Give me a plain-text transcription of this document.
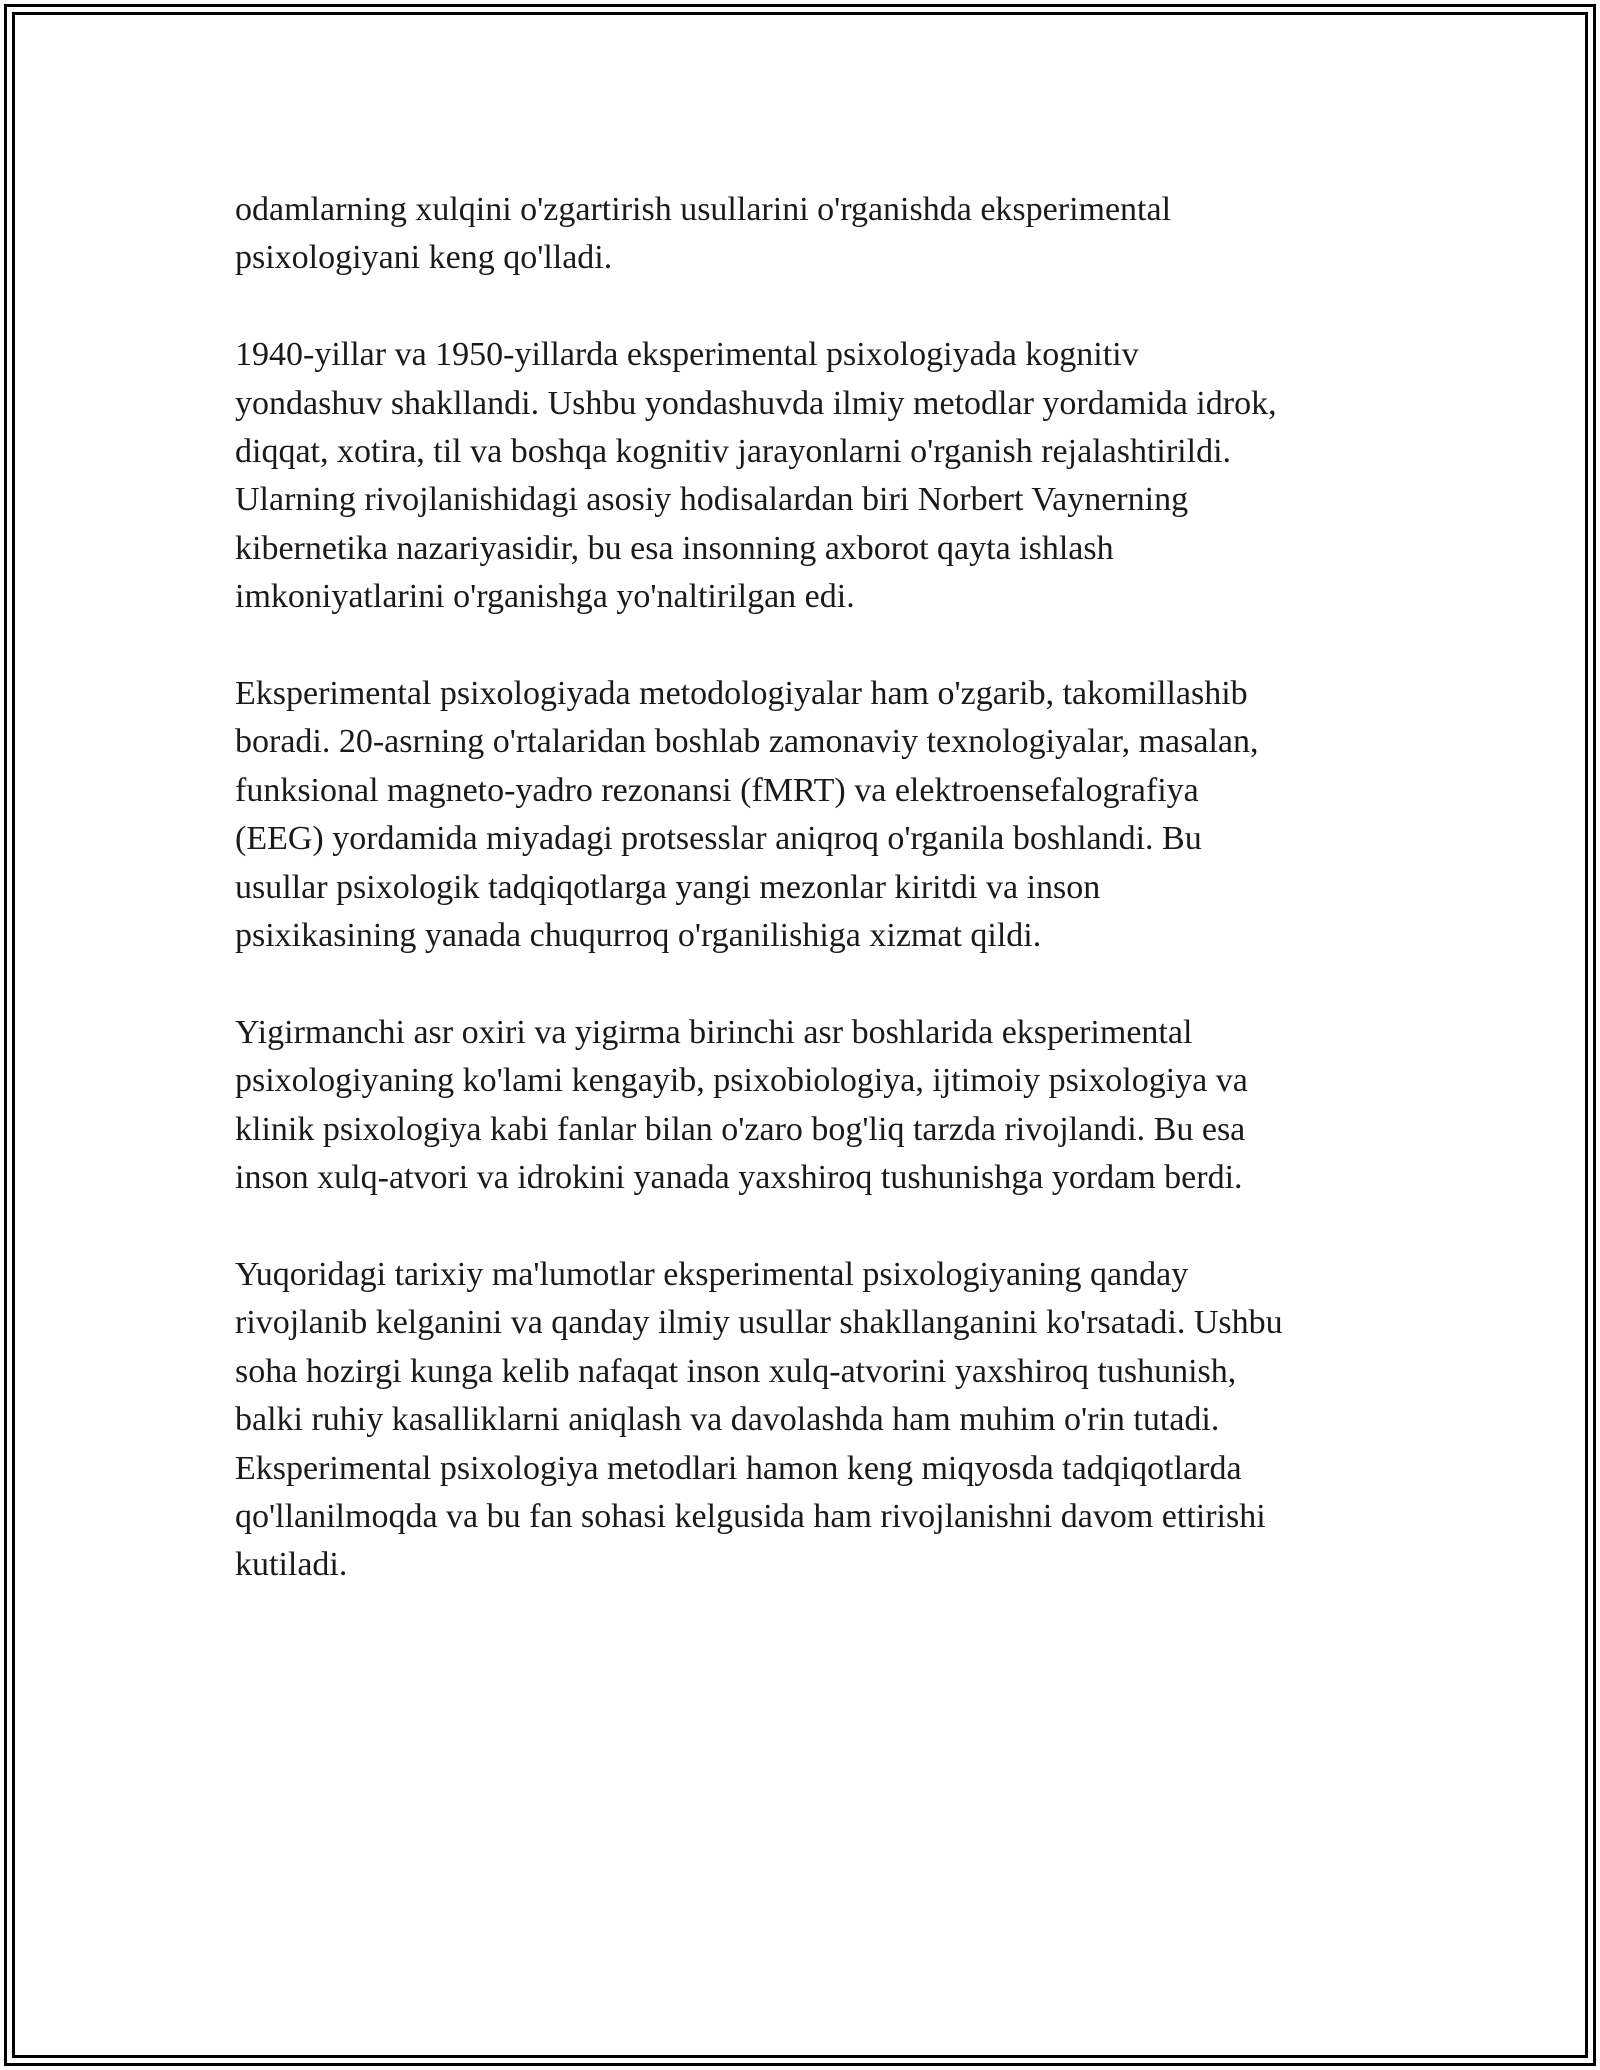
odamlarning xulqini o'zgartirish usullarini o'rganishda eksperimental
psixologiyani keng qo'lladi.

1940-yillar va 1950-yillarda eksperimental psixologiyada kognitiv
yondashuv shakllandi. Ushbu yondashuvda ilmiy metodlar yordamida idrok,
diqqat, xotira, til va boshqa kognitiv jarayonlarni o'rganish rejalashtirildi.
Ularning rivojlanishidagi asosiy hodisalardan biri Norbert Vaynerning
kibernetika nazariyasidir, bu esa insonning axborot qayta ishlash
imkoniyatlarini o'rganishga yo'naltirilgan edi.

Eksperimental psixologiyada metodologiyalar ham o'zgarib, takomillashib
boradi. 20-asrning o'rtalaridan boshlab zamonaviy texnologiyalar, masalan,
funksional magneto-yadro rezonansi (fMRT) va elektroensefalografiya
(EEG) yordamida miyadagi protsesslar aniqroq o'rganila boshlandi. Bu
usullar psixologik tadqiqotlarga yangi mezonlar kiritdi va inson
psixikasining yanada chuqurroq o'rganilishiga xizmat qildi.

Yigirmanchi asr oxiri va yigirma birinchi asr boshlarida eksperimental
psixologiyaning ko'lami kengayib, psixobiologiya, ijtimoiy psixologiya va
klinik psixologiya kabi fanlar bilan o'zaro bog'liq tarzda rivojlandi. Bu esa
inson xulq-atvori va idrokini yanada yaxshiroq tushunishga yordam berdi.

Yuqoridagi tarixiy ma'lumotlar eksperimental psixologiyaning qanday
rivojlanib kelganini va qanday ilmiy usullar shakllanganini ko'rsatadi. Ushbu
soha hozirgi kunga kelib nafaqat inson xulq-atvorini yaxshiroq tushunish,
balki ruhiy kasalliklarni aniqlash va davolashda ham muhim o'rin tutadi.
Eksperimental psixologiya metodlari hamon keng miqyosda tadqiqotlarda
qo'llanilmoqda va bu fan sohasi kelgusida ham rivojlanishni davom ettirishi
kutiladi.
